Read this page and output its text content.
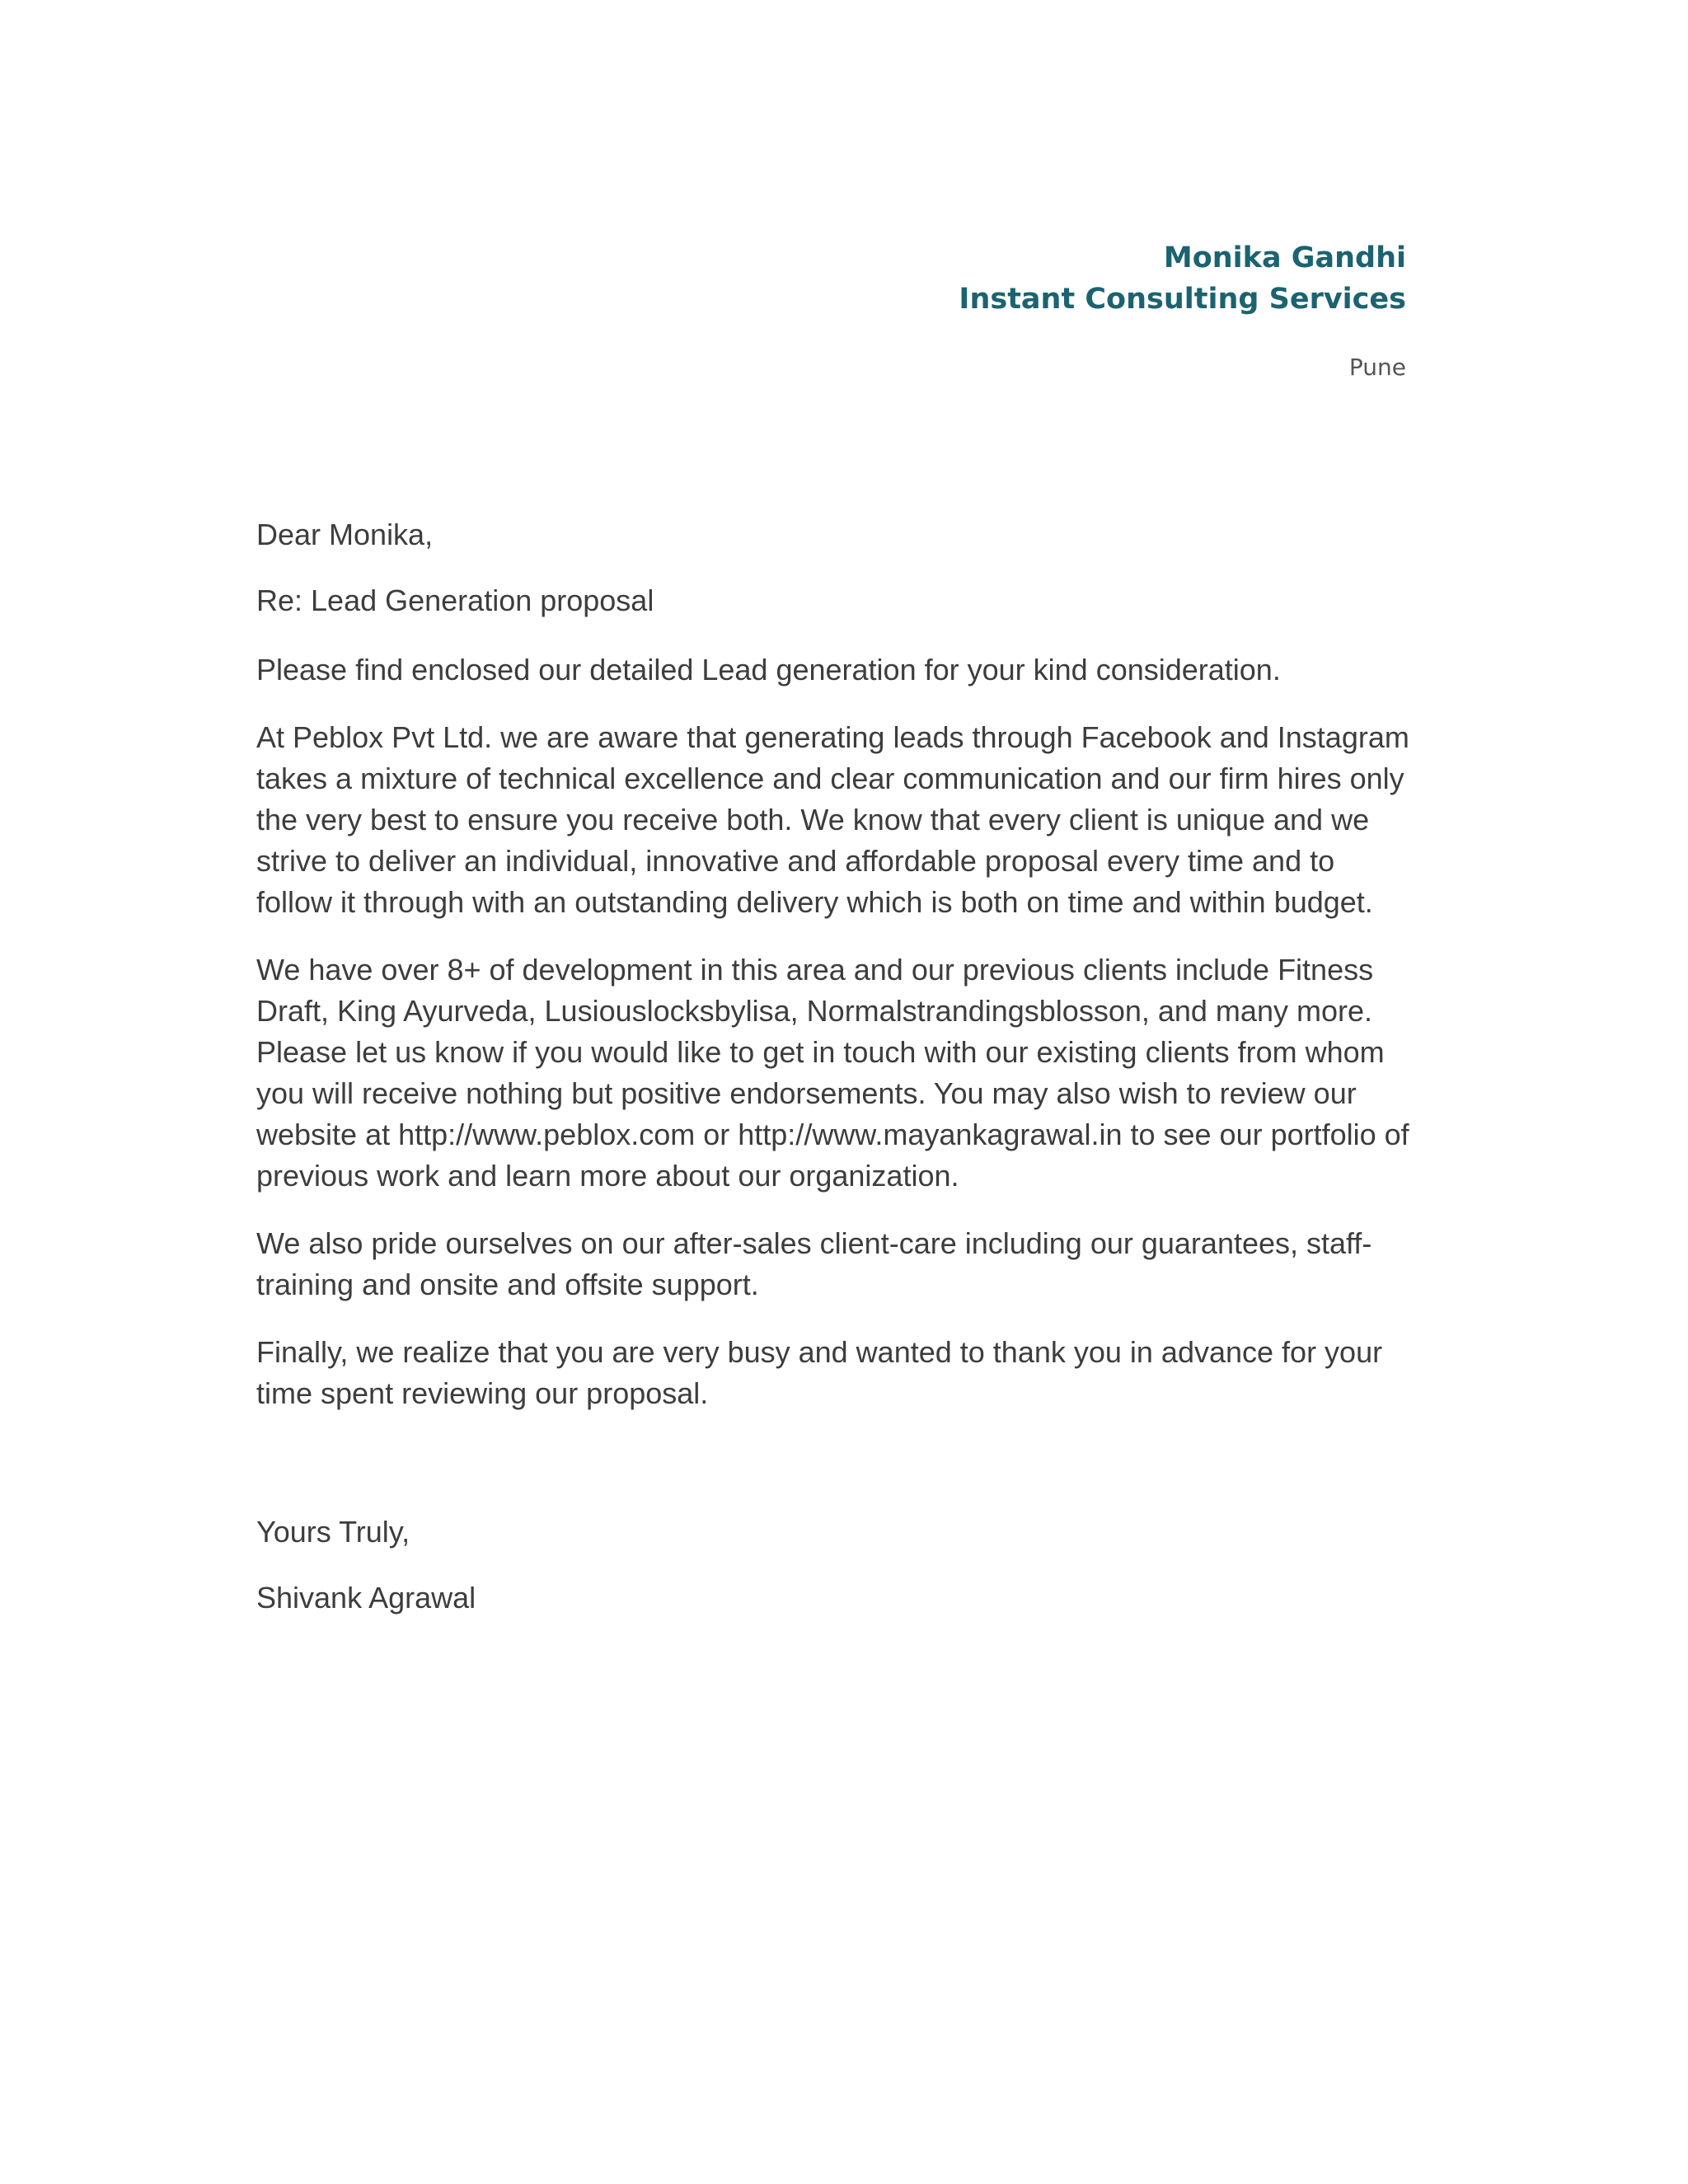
Monika Gandhi

Instant Consulting Services

Pune

Dear Monika,

Re: Lead Generation proposal

Please find enclosed our detailed Lead generation for your kind consideration.

At Peblox Pvt Ltd. we are aware that generating leads through Facebook and Instagram takes a mixture of technical excellence and clear communication and our firm hires only the very best to ensure you receive both. We know that every client is unique and we strive to deliver an individual, innovative and affordable proposal every time and to follow it through with an outstanding delivery which is both on time and within budget.

We have over 8+ of development in this area and our previous clients include Fitness Draft, King Ayurveda, Lusiouslocksbylisa, Normalstrandingsblosson, and many more. Please let us know if you would like to get in touch with our existing clients from whom you will receive nothing but positive endorsements. You may also wish to review our website at http://www.peblox.com or http://www.mayankagrawal.in to see our portfolio of previous work and learn more about our organization.

We also pride ourselves on our after-sales client-care including our guarantees, staff-training and onsite and offsite support.

Finally, we realize that you are very busy and wanted to thank you in advance for your time spent reviewing our proposal.

Yours Truly,

Shivank Agrawal
